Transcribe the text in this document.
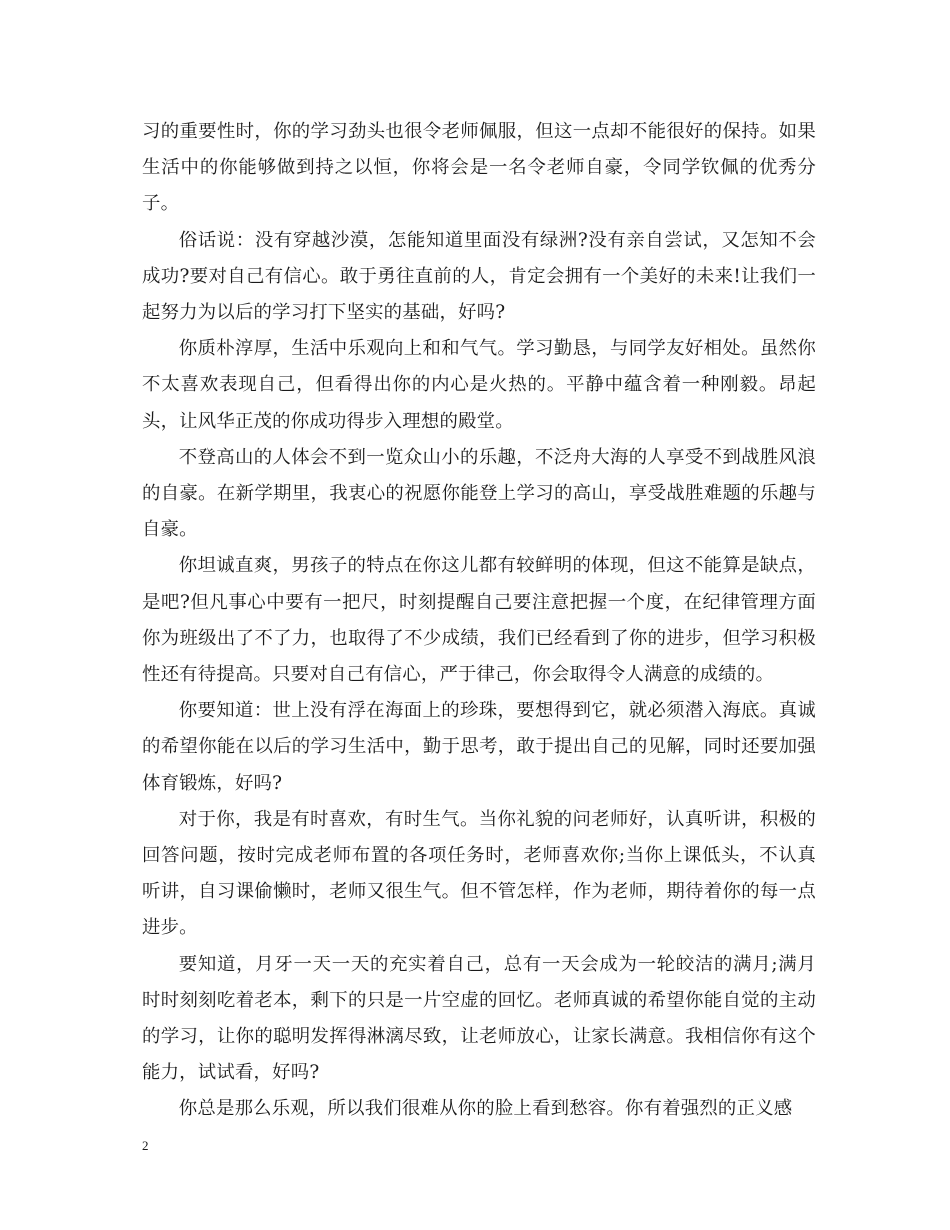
习的重要性时，你的学习劲头也很令老师佩服，但这一点却不能很好的保持。如果生活中的你能够做到持之以恒，你将会是一名令老师自豪，令同学钦佩的优秀分子。

俗话说：没有穿越沙漠，怎能知道里面没有绿洲?没有亲自尝试，又怎知不会成功?要对自己有信心。敢于勇往直前的人，肯定会拥有一个美好的未来!让我们一起努力为以后的学习打下坚实的基础，好吗?

你质朴淳厚，生活中乐观向上和和气气。学习勤恳，与同学友好相处。虽然你不太喜欢表现自己，但看得出你的内心是火热的。平静中蕴含着一种刚毅。昂起头，让风华正茂的你成功得步入理想的殿堂。

不登高山的人体会不到一览众山小的乐趣，不泛舟大海的人享受不到战胜风浪的自豪。在新学期里，我衷心的祝愿你能登上学习的高山，享受战胜难题的乐趣与自豪。

你坦诚直爽，男孩子的特点在你这儿都有较鲜明的体现，但这不能算是缺点，是吧?但凡事心中要有一把尺，时刻提醒自己要注意把握一个度，在纪律管理方面你为班级出了不了力，也取得了不少成绩，我们已经看到了你的进步，但学习积极性还有待提高。只要对自己有信心，严于律己，你会取得令人满意的成绩的。

你要知道：世上没有浮在海面上的珍珠，要想得到它，就必须潜入海底。真诚的希望你能在以后的学习生活中，勤于思考，敢于提出自己的见解，同时还要加强体育锻炼，好吗?

对于你，我是有时喜欢，有时生气。当你礼貌的问老师好，认真听讲，积极的回答问题，按时完成老师布置的各项任务时，老师喜欢你;当你上课低头，不认真听讲，自习课偷懒时，老师又很生气。但不管怎样，作为老师，期待着你的每一点进步。

要知道，月牙一天一天的充实着自己，总有一天会成为一轮皎洁的满月;满月时时刻刻吃着老本，剩下的只是一片空虚的回忆。老师真诚的希望你能自觉的主动的学习，让你的聪明发挥得淋漓尽致，让老师放心，让家长满意。我相信你有这个能力，试试看，好吗?

你总是那么乐观，所以我们很难从你的脸上看到愁容。你有着强烈的正义感

2
